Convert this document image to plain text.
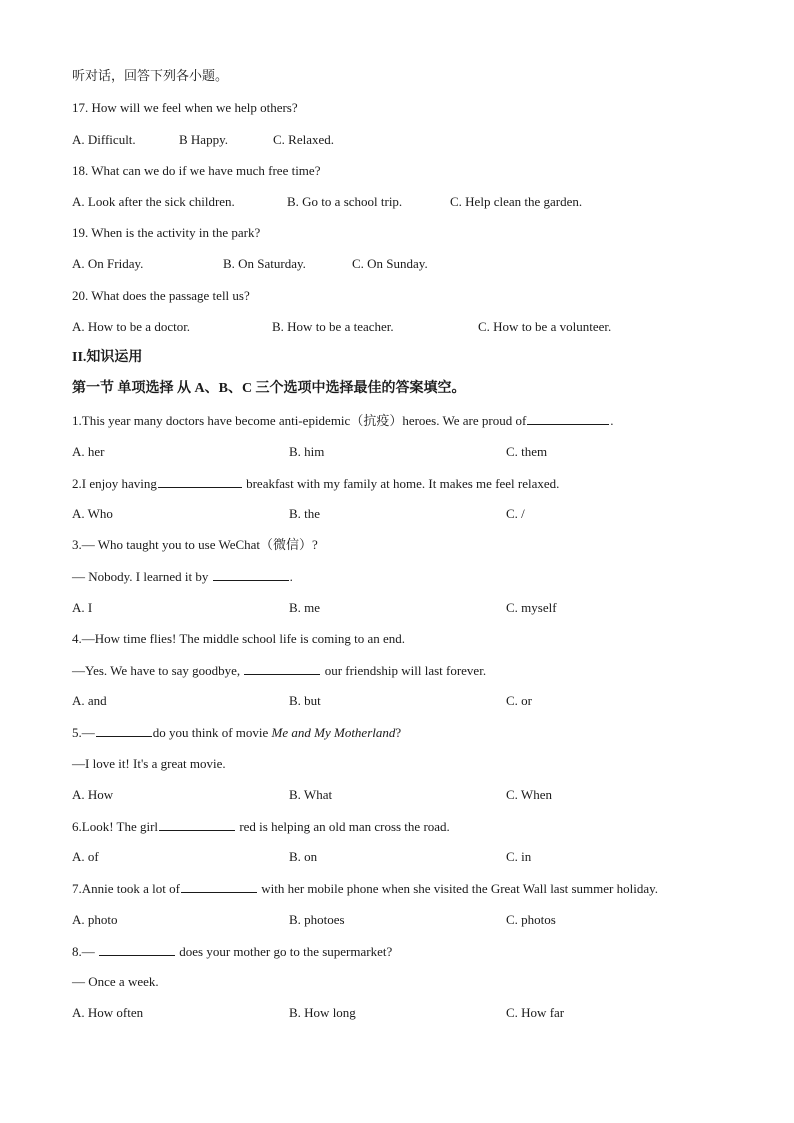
听对话，回答下列各小题。
17. How will we feel when we help others?
A. Difficult.	B Happy.	C. Relaxed.
18. What can we do if we have much free time?
A. Look after the sick children.	B. Go to a school trip.	C. Help clean the garden.
19. When is the activity in the park?
A. On Friday.	B. On Saturday.	C. On Sunday.
20. What does the passage tell us?
A. How to be a doctor.	B. How to be a teacher.	C. How to be a volunteer.
II.知识运用
第一节 单项选择 从 A、B、C 三个选项中选择最佳的答案填空。
1.This year many doctors have become anti-epidemic（抗疫）heroes. We are proud of	.
A. her	B. him	C. them
2.I enjoy having	breakfast with my family at home. It makes me feel relaxed.
A. Who	B. the	C. /
3.— Who taught you to use WeChat（微信）?
— Nobody. I learned it by	.
A. I	B. me	C. myself
4.—How time flies! The middle school life is coming to an end.
—Yes. We have to say goodbye,	our friendship will last forever.
A. and	B. but	C. or
5.—	do you think of movie Me and My Motherland?
—I love it! It's a great movie.
A. How	B. What	C. When
6.Look! The girl	red is helping an old man cross the road.
A. of	B. on	C. in
7.Annie took a lot of	with her mobile phone when she visited the Great Wall last summer holiday.
A. photo	B. photoes	C. photos
8.—	does your mother go to the supermarket?
— Once a week.
A. How often	B. How long	C. How far
